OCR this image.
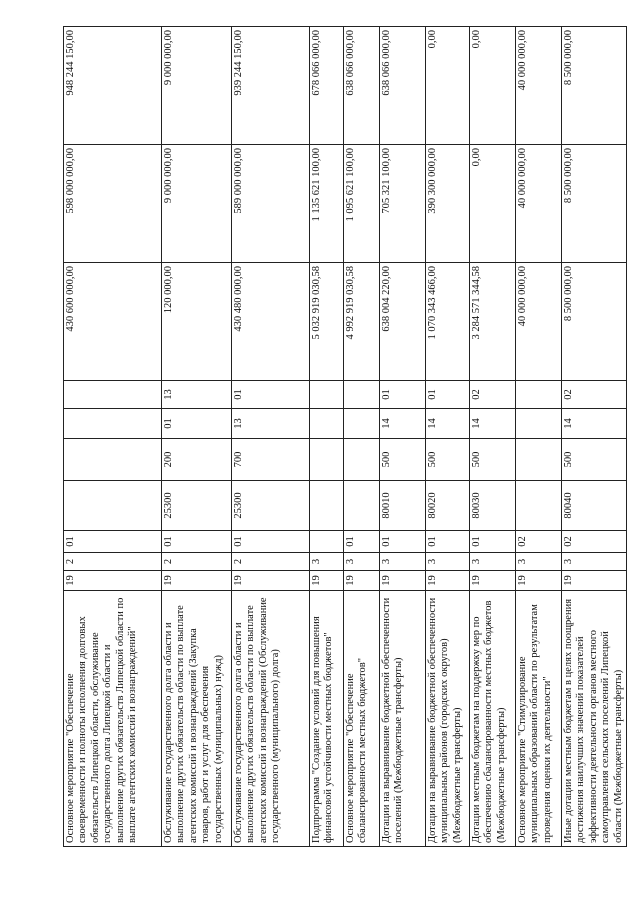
Основное мероприятие "Обеспечение своевременности и полноты исполнения долговых обязательств Липецкой области, обслуживание государственного долга Липецкой области и выполнение других обязательств Липецкой области по выплате агентских комиссий и вознаграждений"	19	2	01					430 600 000,00	598 000 000,00	948 244 150,00
Обслуживание государственного долга области и выполнение других обязательств области по выплате агентских комиссий и вознаграждений (Закупка товаров, работ и услуг для обеспечения государственных (муниципальных) нужд)	19	2	01	25300	200	01	13	120 000,00	9 000 000,00	9 000 000,00
Обслуживание государственного долга области и выполнение других обязательств области по выплате агентских комиссий и вознаграждений (Обслуживание государственного (муниципального) долга)	19	2	01	25300	700	13	01	430 480 000,00	589 000 000,00	939 244 150,00
Подпрограмма "Создание условий для повышения финансовой устойчивости местных бюджетов"	19	3						5 032 919 030,58	1 135 621 100,00	678 066 000,00
Основное мероприятие "Обеспечение сбалансированности местных бюджетов"	19	3	01					4 992 919 030,58	1 095 621 100,00	638 066 000,00
Дотации на выравнивание бюджетной обеспеченности поселений (Межбюджетные трансферты)	19	3	01	80010	500	14	01	638 004 220,00	705 321 100,00	638 066 000,00
Дотации на выравнивание бюджетной обеспеченности муниципальных районов (городских округов) (Межбюджетные трансферты)	19	3	01	80020	500	14	01	1 070 343 466,00	390 300 000,00	0,00
Дотации местным бюджетам на поддержку мер по обеспечению сбалансированности местных бюджетов (Межбюджетные трансферты)	19	3	01	80030	500	14	02	3 284 571 344,58	0,00	0,00
Основное мероприятие "Стимулирование муниципальных образований области по результатам проведения оценки их деятельности"	19	3	02					40 000 000,00	40 000 000,00	40 000 000,00
Иные дотации местным бюджетам в целях поощрения достижения наилучших значений показателей эффективности деятельности органов местного самоуправления сельских поселений Липецкой области (Межбюджетные трансферты)	19	3	02	80040	500	14	02	8 500 000,00	8 500 000,00	8 500 000,00
